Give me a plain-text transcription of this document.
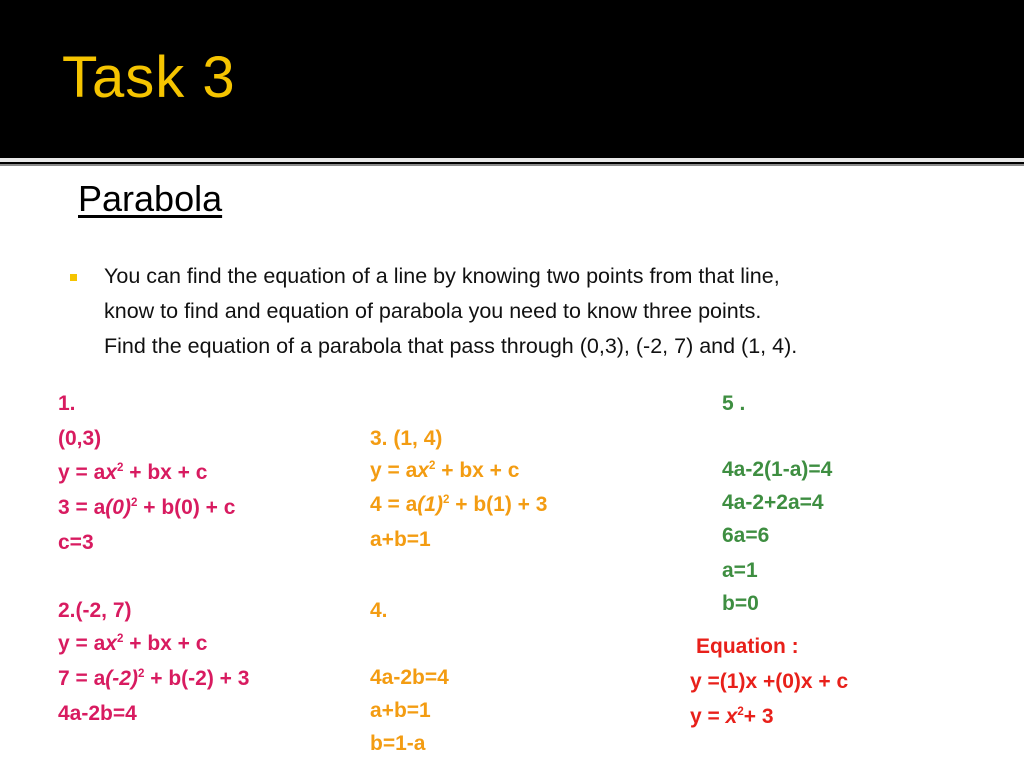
Task 3
Parabola
You can find the equation of a line by knowing two points from that line,
know to find and equation of parabola you need to know three points.
Find the equation of a parabola that pass through (0,3), (-2, 7) and (1, 4).
1.
(0,3)
$y = ax^2$ + bx + c
$3 = a(0)^2 + b(0) + c$
c=3
2.(-2, 7)
$y = ax^2$ + bx + c
$7 = a(-2)^2 + b(-2) + 3$
4a-2b=4
3. (1, 4)
$y = ax^2$ + bx + c
$4 = a(1)^2 + b(1) + 3$
a+b=1
4.
4a-2b=4
a+b=1
b=1-a
5 .
4a-2(1-a)=4
4a-2+2a=4
6a=6
a=1
b=0
Equation :
y =(1)x +(0)x + c
$y = x^2+ 3$
